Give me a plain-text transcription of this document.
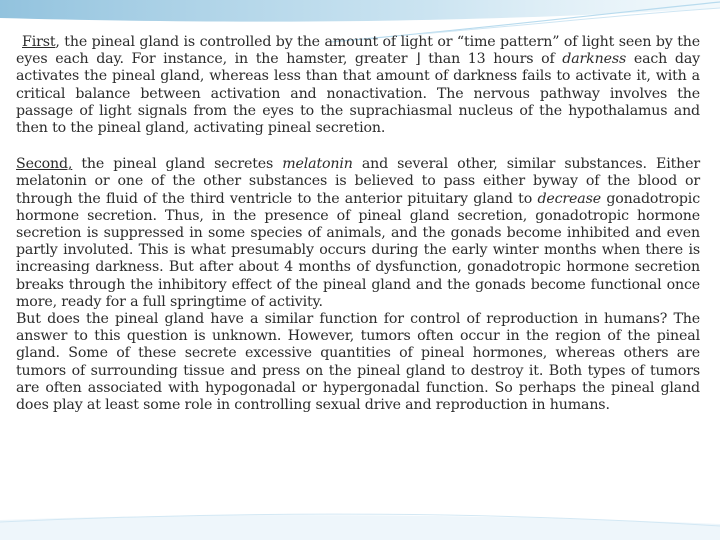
First, the pineal gland is controlled by the amount of light or “time pattern” of light seen by the eyes each day. For instance, in the hamster, greater ⌋ than 13 hours of darkness each day activates the pineal gland, whereas less than that amount of darkness fails to activate it, with a critical balance between activation and nonactivation. The nervous pathway involves the passage of light signals from the eyes to the suprachiasmal nucleus of the hypothalamus and then to the pineal gland, activating pineal secretion.

Second, the pineal gland secretes melatonin and several other, similar substances. Either melatonin or one of the other substances is believed to pass either byway of the blood or through the fluid of the third ventricle to the anterior pituitary gland to decrease gonadotropic hormone secretion. Thus, in the presence of pineal gland secretion, gonadotropic hormone secretion is suppressed in some species of animals, and the gonads become inhibited and even partly involuted. This is what presumably occurs during the early winter months when there is increasing darkness. But after about 4 months of dysfunction, gonadotropic hormone secretion breaks through the inhibitory effect of the pineal gland and the gonads become functional once more, ready for a full springtime of activity.

But does the pineal gland have a similar function for control of reproduction in humans? The answer to this question is unknown. However, tumors often occur in the region of the pineal gland. Some of these secrete excessive quantities of pineal hormones, whereas others are tumors of surrounding tissue and press on the pineal gland to destroy it. Both types of tumors are often associated with hypogonadal or hypergonadal function. So perhaps the pineal gland does play at least some role in controlling sexual drive and reproduction in humans.
